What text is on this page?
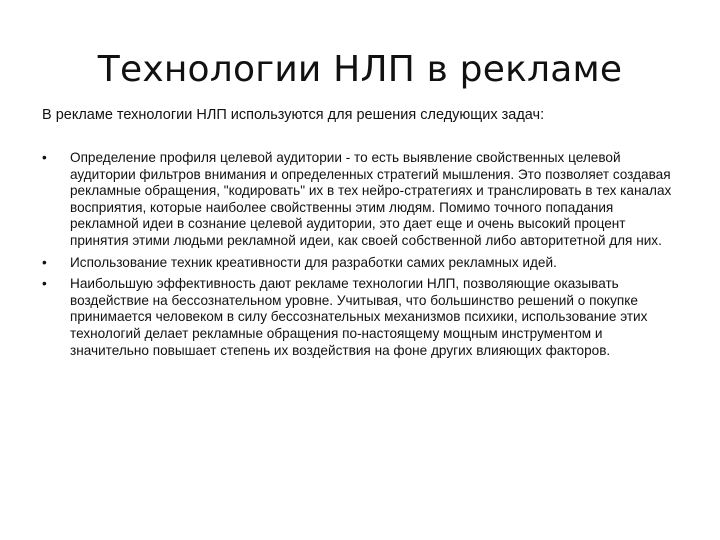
Технологии НЛП в рекламе

В рекламе технологии НЛП используются для решения следующих задач:

•	Определение профиля целевой аудитории - то есть выявление свойственных целевой аудитории фильтров внимания и определенных стратегий мышления. Это позволяет создавая рекламные обращения, "кодировать" их в тех нейро-стратегиях и транслировать в тех каналах восприятия, которые наиболее свойственны этим людям. Помимо точного попадания рекламной идеи в сознание целевой аудитории, это дает еще и очень высокий процент принятия этими людьми рекламной идеи, как своей собственной либо авторитетной для них.
•	Использование техник креативности для разработки самих рекламных идей.
•	Наибольшую эффективность дают рекламе технологии НЛП, позволяющие оказывать воздействие на бессознательном уровне. Учитывая, что большинство решений о покупке принимается человеком в силу бессознательных механизмов психики, использование этих технологий делает рекламные обращения по-настоящему мощным инструментом и значительно повышает степень их воздействия на фоне других влияющих факторов.
